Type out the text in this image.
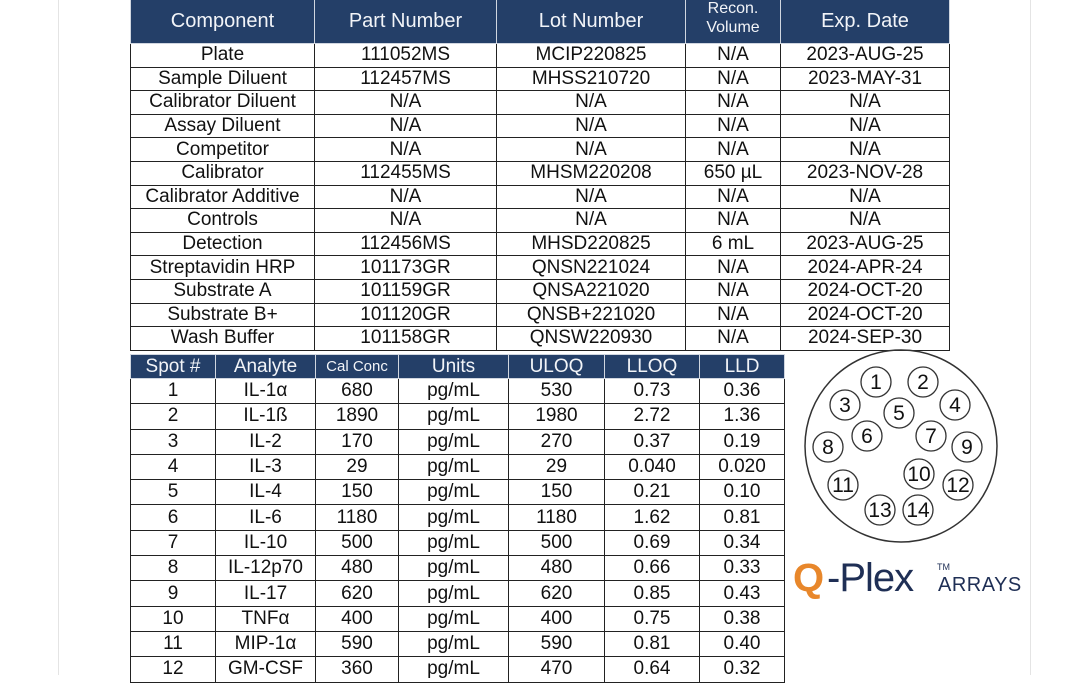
Component	Part Number	Lot Number	Recon. Volume	Exp. Date
Plate	111052MS	MCIP220825	N/A	2023-AUG-25
Sample Diluent	112457MS	MHSS210720	N/A	2023-MAY-31
Calibrator Diluent	N/A	N/A	N/A	N/A
Assay Diluent	N/A	N/A	N/A	N/A
Competitor	N/A	N/A	N/A	N/A
Calibrator	112455MS	MHSM220208	650 µL	2023-NOV-28
Calibrator Additive	N/A	N/A	N/A	N/A
Controls	N/A	N/A	N/A	N/A
Detection	112456MS	MHSD220825	6 mL	2023-AUG-25
Streptavidin HRP	101173GR	QNSN221024	N/A	2024-APR-24
Substrate A	101159GR	QNSA221020	N/A	2024-OCT-20
Substrate B+	101120GR	QNSB+221020	N/A	2024-OCT-20
Wash Buffer	101158GR	QNSW220930	N/A	2024-SEP-30
Spot #	Analyte	Cal Conc	Units	ULOQ	LLOQ	LLD
1	IL-1α	680	pg/mL	530	0.73	0.36
2	IL-1ß	1890	pg/mL	1980	2.72	1.36
3	IL-2	170	pg/mL	270	0.37	0.19
4	IL-3	29	pg/mL	29	0.040	0.020
5	IL-4	150	pg/mL	150	0.21	0.10
6	IL-6	1180	pg/mL	1180	1.62	0.81
7	IL-10	500	pg/mL	500	0.69	0.34
8	IL-12p70	480	pg/mL	480	0.66	0.33
9	IL-17	620	pg/mL	620	0.85	0.43
10	TNFα	400	pg/mL	400	0.75	0.38
11	MIP-1α	590	pg/mL	590	0.81	0.40
12	GM-CSF	360	pg/mL	470	0.64	0.32
1 2
3	4
5
6 7
8	9
10
11	12
13 14
Q -Plex	TM
ARRAYS
